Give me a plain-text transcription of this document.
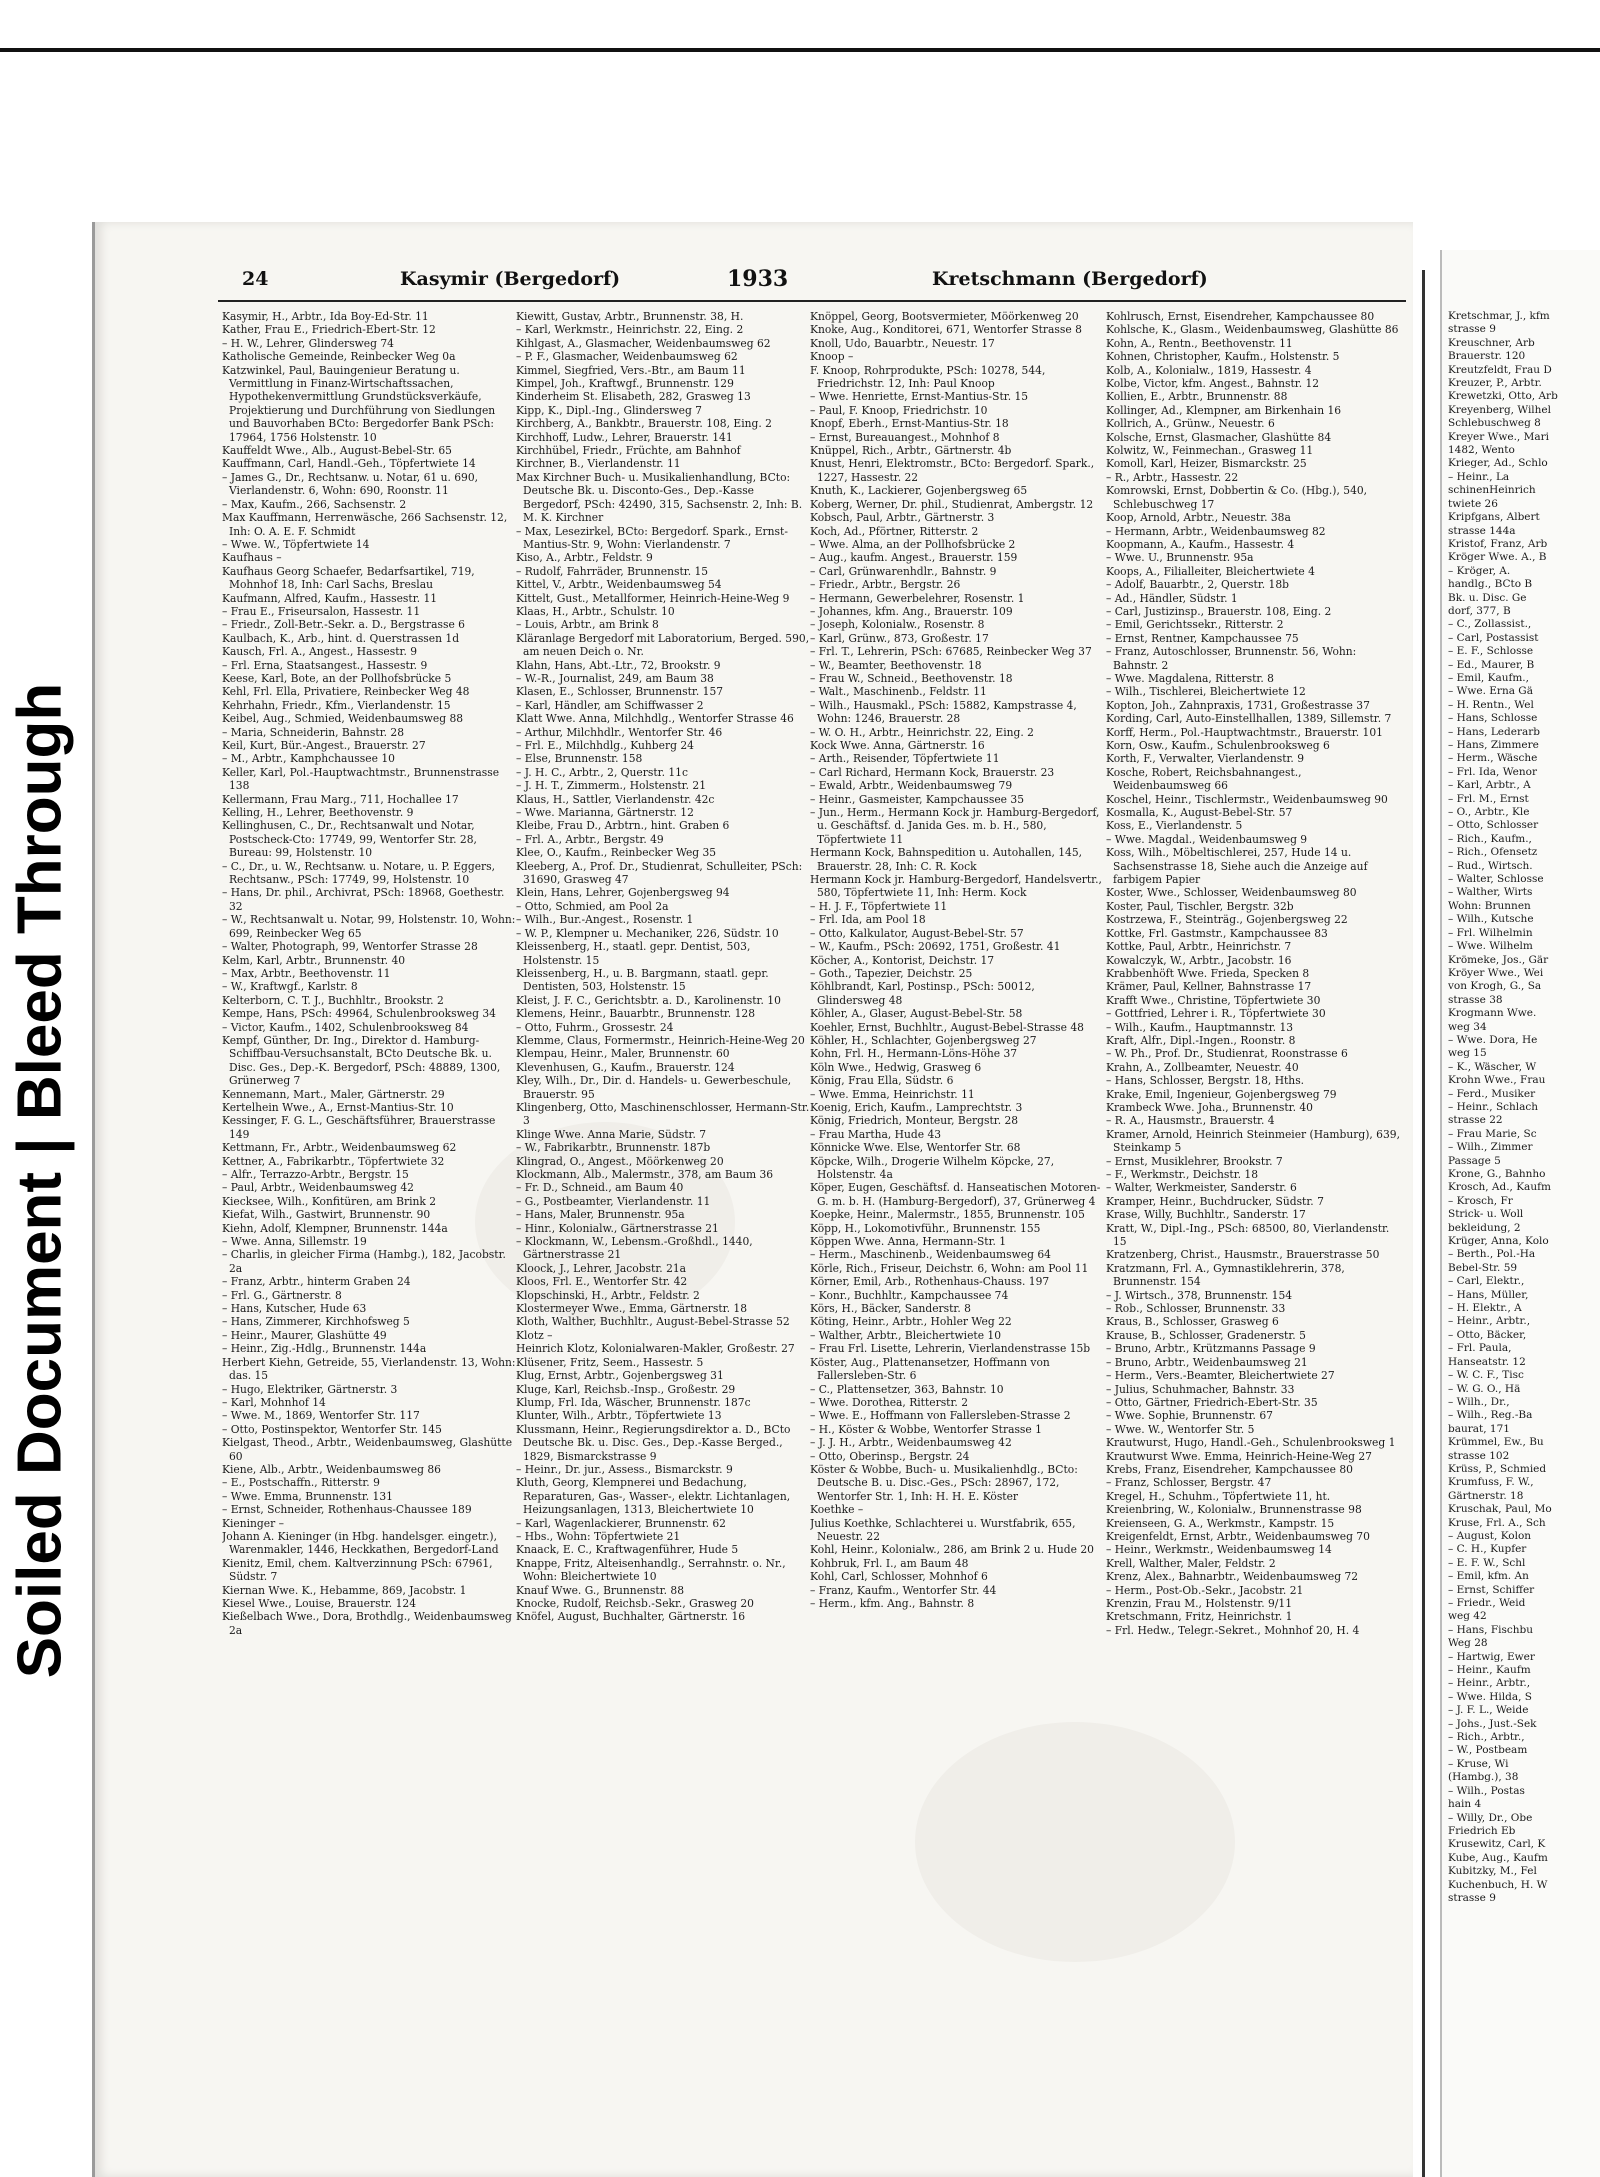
Soiled Document | Bleed Through
Kretschmar, J., kfm
strasse 9
Kreuschner, Arb
Brauerstr. 120
Kreutzfeldt, Frau D
Kreuzer, P., Arbtr.
Krewetzki, Otto, Arb
Kreyenberg, Wilhel
Schlebuschweg 8
Kreyer Wwe., Mari
1482, Wento
Krieger, Ad., Schlo
– Heinr., La
schinenHeinrich
twiete 26
Kripfgans, Albert
strasse 144a
Kristof, Franz, Arb
Kröger Wwe. A., B
– Kröger, A.
handlg., BCto B
Bk. u. Disc. Ge
dorf, 377, B
– C., Zollassist.,
– Carl, Postassist
– E. F., Schlosse
– Ed., Maurer, B
– Emil, Kaufm.,
– Wwe. Erna Gä
– H. Rentn., Wel
– Hans, Schlosse
– Hans, Lederarb
– Hans, Zimmere
– Herm., Wäsche
– Frl. Ida, Wenor
– Karl, Arbtr., A
– Frl. M., Ernst
– O., Arbtr., Kle
– Otto, Schlosser
– Rich., Kaufm.,
– Rich., Ofensetz
– Rud., Wirtsch.
– Walter, Schlosse
– Walther, Wirts
Wohn: Brunnen
– Wilh., Kutsche
– Frl. Wilhelmin
– Wwe. Wilhelm
Krömeke, Jos., Gär
Kröyer Wwe., Wei
von Krogh, G., Sa
strasse 38
Krogmann Wwe.
weg 34
– Wwe. Dora, He
weg 15
– K., Wäscher, W
Krohn Wwe., Frau
– Ferd., Musiker
– Heinr., Schlach
strasse 22
– Frau Marie, Sc
– Wilh., Zimmer
Passage 5
Krone, G., Bahnho
Krosch, Ad., Kaufm
– Krosch, Fr
Strick- u. Woll
bekleidung, 2
Krüger, Anna, Kolo
– Berth., Pol.-Ha
Bebel-Str. 59
– Carl, Elektr.,
– Hans, Müller,
– H. Elektr., A
– Heinr., Arbtr.,
– Otto, Bäcker,
– Frl. Paula,
Hanseatstr. 12
– W. C. F., Tisc
– W. G. O., Hä
– Wilh., Dr.,
– Wilh., Reg.-Ba
baurat, 171
Krümmel, Ew., Bu
strasse 102
Krüss, P., Schmied
Krumfuss, F. W.,
Gärtnerstr. 18
Kruschak, Paul, Mo
Kruse, Frl. A., Sch
– August, Kolon
– C. H., Kupfer
– E. F. W., Schl
– Emil, kfm. An
– Ernst, Schiffer
– Friedr., Weid
weg 42
– Hans, Fischbu
Weg 28
– Hartwig, Ewer
– Heinr., Kaufm
– Heinr., Arbtr.,
– Wwe. Hilda, S
– J. F. L., Weide
– Johs., Just.-Sek
– Rich., Arbtr.,
– W., Postbeam
– Kruse, Wi
(Hambg.), 38
– Wilh., Postas
hain 4
– Willy, Dr., Obe
Friedrich Eb
Krusewitz, Carl, K
Kube, Aug., Kaufm
Kubitzky, M., Fel
Kuchenbuch, H. W
strasse 9
24	Kasymir (Bergedorf)	1933	Kretschmann (Bergedorf)

Kasymir, H., Arbtr., Ida Boy-Ed-Str. 11

Kather, Frau E., Friedrich-Ebert-Str. 12

– H. W., Lehrer, Glindersweg 74

Katholische Gemeinde, Reinbecker Weg 0a

Katzwinkel, Paul, Bauingenieur Beratung u. Vermittlung in Finanz-Wirtschaftssachen, Hypothekenvermittlung Grundstücksverkäufe, Projektierung und Durchführung von Siedlungen und Bauvorhaben BCto: Bergedorfer Bank PSch: 17964, 1756 Holstenstr. 10

Kauffeldt Wwe., Alb., August-Bebel-Str. 65

Kauffmann, Carl, Handl.-Geh., Töpfertwiete 14

– James G., Dr., Rechtsanw. u. Notar, 61 u. 690, Vierlandenstr. 6, Wohn: 690, Roonstr. 11

– Max, Kaufm., 266, Sachsenstr. 2

Max Kauffmann, Herrenwäsche, 266 Sachsenstr. 12, Inh: O. A. E. F. Schmidt

– Wwe. W., Töpfertwiete 14

Kaufhaus –

Kaufhaus Georg Schaefer, Bedarfsartikel, 719, Mohnhof 18, Inh: Carl Sachs, Breslau

Kaufmann, Alfred, Kaufm., Hassestr. 11

– Frau E., Friseursalon, Hassestr. 11

– Friedr., Zoll-Betr.-Sekr. a. D., Bergstrasse 6

Kaulbach, K., Arb., hint. d. Querstrassen 1d

Kausch, Frl. A., Angest., Hassestr. 9

– Frl. Erna, Staatsangest., Hassestr. 9

Keese, Karl, Bote, an der Pollhofsbrücke 5

Kehl, Frl. Ella, Privatiere, Reinbecker Weg 48

Kehrhahn, Friedr., Kfm., Vierlandenstr. 15

Keibel, Aug., Schmied, Weidenbaumsweg 88

– Maria, Schneiderin, Bahnstr. 28

Keil, Kurt, Bür.-Angest., Brauerstr. 27

– M., Arbtr., Kamphchaussee 10

Keller, Karl, Pol.-Hauptwachtmstr., Brunnenstrasse 138

Kellermann, Frau Marg., 711, Hochallee 17

Kelling, H., Lehrer, Beethovenstr. 9

Kellinghusen, C., Dr., Rechtsanwalt und Notar, Postscheck-Cto: 17749, 99, Wentorfer Str. 28, Bureau: 99, Holstenstr. 10

– C., Dr., u. W., Rechtsanw. u. Notare, u. P. Eggers, Rechtsanw., PSch: 17749, 99, Holstenstr. 10

– Hans, Dr. phil., Archivrat, PSch: 18968, Goethestr. 32

– W., Rechtsanwalt u. Notar, 99, Holstenstr. 10, Wohn: 699, Reinbecker Weg 65

– Walter, Photograph, 99, Wentorfer Strasse 28

Kelm, Karl, Arbtr., Brunnenstr. 40

– Max, Arbtr., Beethovenstr. 11

– W., Kraftwgf., Karlstr. 8

Kelterborn, C. T. J., Buchhltr., Brookstr. 2

Kempe, Hans, PSch: 49964, Schulenbrooksweg 34

– Victor, Kaufm., 1402, Schulenbrooksweg 84

Kempf, Günther, Dr. Ing., Direktor d. Hamburg-Schiffbau-Versuchsanstalt, BCto Deutsche Bk. u. Disc. Ges., Dep.-K. Bergedorf, PSch: 48889, 1300, Grünerweg 7

Kennemann, Mart., Maler, Gärtnerstr. 29

Kertelhein Wwe., A., Ernst-Mantius-Str. 10

Kessinger, F. G. L., Geschäftsführer, Brauerstrasse 149

Kettmann, Fr., Arbtr., Weidenbaumsweg 62

Kettner, A., Fabrikarbtr., Töpfertwiete 32

– Alfr., Terrazzo-Arbtr., Bergstr. 15

– Paul, Arbtr., Weidenbaumsweg 42

Kiecksee, Wilh., Konfitüren, am Brink 2

Kiefat, Wilh., Gastwirt, Brunnenstr. 90

Kiehn, Adolf, Klempner, Brunnenstr. 144a

– Wwe. Anna, Sillemstr. 19

– Charlis, in gleicher Firma (Hambg.), 182, Jacobstr. 2a

– Franz, Arbtr., hinterm Graben 24

– Frl. G., Gärtnerstr. 8

– Hans, Kutscher, Hude 63

– Hans, Zimmerer, Kirchhofsweg 5

– Heinr., Maurer, Glashütte 49

– Heinr., Zig.-Hdlg., Brunnenstr. 144a

Herbert Kiehn, Getreide, 55, Vierlandenstr. 13, Wohn: das. 15

– Hugo, Elektriker, Gärtnerstr. 3

– Karl, Mohnhof 14

– Wwe. M., 1869, Wentorfer Str. 117

– Otto, Postinspektor, Wentorfer Str. 145

Kielgast, Theod., Arbtr., Weidenbaumsweg, Glashütte 60

Kiene, Alb., Arbtr., Weidenbaumsweg 86

– E., Postschaffn., Ritterstr. 9

– Wwe. Emma, Brunnenstr. 131

– Ernst, Schneider, Rothenhaus-Chaussee 189

Kieninger –

Johann A. Kieninger (in Hbg. handelsger. eingetr.), Warenmakler, 1446, Heckkathen, Bergedorf-Land

Kienitz, Emil, chem. Kaltverzinnung PSch: 67961, Südstr. 7

Kiernan Wwe. K., Hebamme, 869, Jacobstr. 1

Kiesel Wwe., Louise, Brauerstr. 124

Kießelbach Wwe., Dora, Brothdlg., Weidenbaumsweg 2a

Kiewitt, Gustav, Arbtr., Brunnenstr. 38, H.

– Karl, Werkmstr., Heinrichstr. 22, Eing. 2

Kihlgast, A., Glasmacher, Weidenbaumsweg 62

– P. F., Glasmacher, Weidenbaumsweg 62

Kimmel, Siegfried, Vers.-Btr., am Baum 11

Kimpel, Joh., Kraftwgf., Brunnenstr. 129

Kinderheim St. Elisabeth, 282, Grasweg 13

Kipp, K., Dipl.-Ing., Glindersweg 7

Kirchberg, A., Bankbtr., Brauerstr. 108, Eing. 2

Kirchhoff, Ludw., Lehrer, Brauerstr. 141

Kirchhübel, Friedr., Früchte, am Bahnhof

Kirchner, B., Vierlandenstr. 11

Max Kirchner Buch- u. Musikalienhandlung, BCto: Deutsche Bk. u. Disconto-Ges., Dep.-Kasse Bergedorf, PSch: 42490, 315, Sachsenstr. 2, Inh: B. M. K. Kirchner

– Max, Lesezirkel, BCto: Bergedorf. Spark., Ernst-Mantius-Str. 9, Wohn: Vierlandenstr. 7

Kiso, A., Arbtr., Feldstr. 9

– Rudolf, Fahrräder, Brunnenstr. 15

Kittel, V., Arbtr., Weidenbaumsweg 54

Kittelt, Gust., Metallformer, Heinrich-Heine-Weg 9

Klaas, H., Arbtr., Schulstr. 10

– Louis, Arbtr., am Brink 8

Kläranlage Bergedorf mit Laboratorium, Berged. 590, am neuen Deich o. Nr.

Klahn, Hans, Abt.-Ltr., 72, Brookstr. 9

– W.-R., Journalist, 249, am Baum 38

Klasen, E., Schlosser, Brunnenstr. 157

– Karl, Händler, am Schiffwasser 2

Klatt Wwe. Anna, Milchhdlg., Wentorfer Strasse 46

– Arthur, Milchhdlr., Wentorfer Str. 46

– Frl. E., Milchhdlg., Kuhberg 24

– Else, Brunnenstr. 158

– J. H. C., Arbtr., 2, Querstr. 11c

– J. H. T., Zimmerm., Holstenstr. 21

Klaus, H., Sattler, Vierlandenstr. 42c

– Wwe. Marianna, Gärtnerstr. 12

Kleibe, Frau D., Arbtrn., hint. Graben 6

– Frl. A., Arbtr., Bergstr. 49

Klee, O., Kaufm., Reinbecker Weg 35

Kleeberg, A., Prof. Dr., Studienrat, Schulleiter, PSch: 31690, Grasweg 47

Klein, Hans, Lehrer, Gojenbergsweg 94

– Otto, Schmied, am Pool 2a

– Wilh., Bur.-Angest., Rosenstr. 1

– W. P., Klempner u. Mechaniker, 226, Südstr. 10

Kleissenberg, H., staatl. gepr. Dentist, 503, Holstenstr. 15

Kleissenberg, H., u. B. Bargmann, staatl. gepr. Dentisten, 503, Holstenstr. 15

Kleist, J. F. C., Gerichtsbtr. a. D., Karolinenstr. 10

Klemens, Heinr., Bauarbtr., Brunnenstr. 128

– Otto, Fuhrm., Grossestr. 24

Klemme, Claus, Formermstr., Heinrich-Heine-Weg 20

Klempau, Heinr., Maler, Brunnenstr. 60

Klevenhusen, G., Kaufm., Brauerstr. 124

Kley, Wilh., Dr., Dir. d. Handels- u. Gewerbeschule, Brauerstr. 95

Klingenberg, Otto, Maschinenschlosser, Hermann-Str. 3

Klinge Wwe. Anna Marie, Südstr. 7

– W., Fabrikarbtr., Brunnenstr. 187b

Klingrad, O., Angest., Möörkenweg 20

Klockmann, Alb., Malermstr., 378, am Baum 36

– Fr. D., Schneid., am Baum 40

– G., Postbeamter, Vierlandenstr. 11

– Hans, Maler, Brunnenstr. 95a

– Hinr., Kolonialw., Gärtnerstrasse 21

– Klockmann, W., Lebensm.-Großhdl., 1440, Gärtnerstrasse 21

Kloock, J., Lehrer, Jacobstr. 21a

Kloos, Frl. E., Wentorfer Str. 42

Klopschinski, H., Arbtr., Feldstr. 2

Klostermeyer Wwe., Emma, Gärtnerstr. 18

Kloth, Walther, Buchhltr., August-Bebel-Strasse 52

Klotz –

Heinrich Klotz, Kolonialwaren-Makler, Großestr. 27

Klüsener, Fritz, Seem., Hassestr. 5

Klug, Ernst, Arbtr., Gojenbergsweg 31

Kluge, Karl, Reichsb.-Insp., Großestr. 29

Klump, Frl. Ida, Wäscher, Brunnenstr. 187c

Klunter, Wilh., Arbtr., Töpfertwiete 13

Klussmann, Heinr., Regierungsdirektor a. D., BCto Deutsche Bk. u. Disc. Ges., Dep.-Kasse Berged., 1829, Bismarckstrasse 9

– Heinr., Dr. jur., Assess., Bismarckstr. 9

Kluth, Georg, Klempnerei und Bedachung, Reparaturen, Gas-, Wasser-, elektr. Lichtanlagen, Heizungsanlagen, 1313, Bleichertwiete 10

– Karl, Wagenlackierer, Brunnenstr. 62

– Hbs., Wohn: Töpfertwiete 21

Knaack, E. C., Kraftwagenführer, Hude 5

Knappe, Fritz, Alteisenhandlg., Serrahnstr. o. Nr., Wohn: Bleichertwiete 10

Knauf Wwe. G., Brunnenstr. 88

Knocke, Rudolf, Reichsb.-Sekr., Grasweg 20

Knöfel, August, Buchhalter, Gärtnerstr. 16

Knöppel, Georg, Bootsvermieter, Möörkenweg 20

Knoke, Aug., Konditorei, 671, Wentorfer Strasse 8

Knoll, Udo, Bauarbtr., Neuestr. 17

Knoop –

F. Knoop, Rohrprodukte, PSch: 10278, 544, Friedrichstr. 12, Inh: Paul Knoop

– Wwe. Henriette, Ernst-Mantius-Str. 15

– Paul, F. Knoop, Friedrichstr. 10

Knopf, Eberh., Ernst-Mantius-Str. 18

– Ernst, Bureauangest., Mohnhof 8

Knüppel, Rich., Arbtr., Gärtnerstr. 4b

Knust, Henri, Elektromstr., BCto: Bergedorf. Spark., 1227, Hassestr. 22

Knuth, K., Lackierer, Gojenbergsweg 65

Koberg, Werner, Dr. phil., Studienrat, Ambergstr. 12

Kobsch, Paul, Arbtr., Gärtnerstr. 3

Koch, Ad., Pförtner, Ritterstr. 2

– Wwe. Alma, an der Pollhofsbrücke 2

– Aug., kaufm. Angest., Brauerstr. 159

– Carl, Grünwarenhdlr., Bahnstr. 9

– Friedr., Arbtr., Bergstr. 26

– Hermann, Gewerbelehrer, Rosenstr. 1

– Johannes, kfm. Ang., Brauerstr. 109

– Joseph, Kolonialw., Rosenstr. 8

– Karl, Grünw., 873, Großestr. 17

– Frl. T., Lehrerin, PSch: 67685, Reinbecker Weg 37

– W., Beamter, Beethovenstr. 18

– Frau W., Schneid., Beethovenstr. 18

– Walt., Maschinenb., Feldstr. 11

– Wilh., Hausmakl., PSch: 15882, Kampstrasse 4, Wohn: 1246, Brauerstr. 28

– W. O. H., Arbtr., Heinrichstr. 22, Eing. 2

Kock Wwe. Anna, Gärtnerstr. 16

– Arth., Reisender, Töpfertwiete 11

– Carl Richard, Hermann Kock, Brauerstr. 23

– Ewald, Arbtr., Weidenbaumsweg 79

– Heinr., Gasmeister, Kampchaussee 35

– Jun., Herm., Hermann Kock jr. Hamburg-Bergedorf, u. Geschäftsf. d. Janida Ges. m. b. H., 580, Töpfertwiete 11

Hermann Kock, Bahnspedition u. Autohallen, 145, Brauerstr. 28, Inh: C. R. Kock

Hermann Kock jr. Hamburg-Bergedorf, Handelsvertr., 580, Töpfertwiete 11, Inh: Herm. Kock

– H. J. F., Töpfertwiete 11

– Frl. Ida, am Pool 18

– Otto, Kalkulator, August-Bebel-Str. 57

– W., Kaufm., PSch: 20692, 1751, Großestr. 41

Köcher, A., Kontorist, Deichstr. 17

– Goth., Tapezier, Deichstr. 25

Köhlbrandt, Karl, Postinsp., PSch: 50012, Glindersweg 48

Köhler, A., Glaser, August-Bebel-Str. 58

Koehler, Ernst, Buchhltr., August-Bebel-Strasse 48

Köhler, H., Schlachter, Gojenbergsweg 27

Kohn, Frl. H., Hermann-Löns-Höhe 37

Köln Wwe., Hedwig, Grasweg 6

König, Frau Ella, Südstr. 6

– Wwe. Emma, Heinrichstr. 11

Koenig, Erich, Kaufm., Lamprechtstr. 3

König, Friedrich, Monteur, Bergstr. 28

– Frau Martha, Hude 43

Könnicke Wwe. Else, Wentorfer Str. 68

Köpcke, Wilh., Drogerie Wilhelm Köpcke, 27, Holstenstr. 4a

Köper, Eugen, Geschäftsf. d. Hanseatischen Motoren-G. m. b. H. (Hamburg-Bergedorf), 37, Grünerweg 4

Koepke, Heinr., Malermstr., 1855, Brunnenstr. 105

Köpp, H., Lokomotivführ., Brunnenstr. 155

Köppen Wwe. Anna, Hermann-Str. 1

– Herm., Maschinenb., Weidenbaumsweg 64

Körle, Rich., Friseur, Deichstr. 6, Wohn: am Pool 11

Körner, Emil, Arb., Rothenhaus-Chauss. 197

– Konr., Buchhltr., Kampchaussee 74

Körs, H., Bäcker, Sanderstr. 8

Köting, Heinr., Arbtr., Hohler Weg 22

– Walther, Arbtr., Bleichertwiete 10

– Frau Frl. Lisette, Lehrerin, Vierlandenstrasse 15b

Köster, Aug., Plattenansetzer, Hoffmann von Fallersleben-Str. 6

– C., Plattensetzer, 363, Bahnstr. 10

– Wwe. Dorothea, Ritterstr. 2

– Wwe. E., Hoffmann von Fallersleben-Strasse 2

– H., Köster & Wobbe, Wentorfer Strasse 1

– J. J. H., Arbtr., Weidenbaumsweg 42

– Otto, Oberinsp., Bergstr. 24

Köster & Wobbe, Buch- u. Musikalienhdlg., BCto: Deutsche B. u. Disc.-Ges., PSch: 28967, 172, Wentorfer Str. 1, Inh: H. H. E. Köster

Koethke –

Julius Koethke, Schlachterei u. Wurstfabrik, 655, Neuestr. 22

Kohl, Heinr., Kolonialw., 286, am Brink 2 u. Hude 20

Kohbruk, Frl. I., am Baum 48

Kohl, Carl, Schlosser, Mohnhof 6

– Franz, Kaufm., Wentorfer Str. 44

– Herm., kfm. Ang., Bahnstr. 8

Kohlrusch, Ernst, Eisendreher, Kampchaussee 80

Kohlsche, K., Glasm., Weidenbaumsweg, Glashütte 86

Kohn, A., Rentn., Beethovenstr. 11

Kohnen, Christopher, Kaufm., Holstenstr. 5

Kolb, A., Kolonialw., 1819, Hassestr. 4

Kolbe, Victor, kfm. Angest., Bahnstr. 12

Kollien, E., Arbtr., Brunnenstr. 88

Kollinger, Ad., Klempner, am Birkenhain 16

Kollrich, A., Grünw., Neuestr. 6

Kolsche, Ernst, Glasmacher, Glashütte 84

Kolwitz, W., Feinmechan., Grasweg 11

Komoll, Karl, Heizer, Bismarckstr. 25

– R., Arbtr., Hassestr. 22

Komrowski, Ernst, Dobbertin & Co. (Hbg.), 540, Schlebuschweg 17

Koop, Arnold, Arbtr., Neuestr. 38a

– Hermann, Arbtr., Weidenbaumsweg 82

Koopmann, A., Kaufm., Hassestr. 4

– Wwe. U., Brunnenstr. 95a

Koops, A., Filialleiter, Bleichertwiete 4

– Adolf, Bauarbtr., 2, Querstr. 18b

– Ad., Händler, Südstr. 1

– Carl, Justizinsp., Brauerstr. 108, Eing. 2

– Emil, Gerichtssekr., Ritterstr. 2

– Ernst, Rentner, Kampchaussee 75

– Franz, Autoschlosser, Brunnenstr. 56, Wohn: Bahnstr. 2

– Wwe. Magdalena, Ritterstr. 8

– Wilh., Tischlerei, Bleichertwiete 12

Kopton, Joh., Zahnpraxis, 1731, Großestrasse 37

Kording, Carl, Auto-Einstellhallen, 1389, Sillemstr. 7

Korff, Herm., Pol.-Hauptwachtmstr., Brauerstr. 101

Korn, Osw., Kaufm., Schulenbrooksweg 6

Korth, F., Verwalter, Vierlandenstr. 9

Kosche, Robert, Reichsbahnangest., Weidenbaumsweg 66

Koschel, Heinr., Tischlermstr., Weidenbaumsweg 90

Kosmalla, K., August-Bebel-Str. 57

Koss, E., Vierlandenstr. 5

– Wwe. Magdal., Weidenbaumsweg 9

Koss, Wilh., Möbeltischlerei, 257, Hude 14 u. Sachsenstrasse 18, Siehe auch die Anzeige auf farbigem Papier

Koster, Wwe., Schlosser, Weidenbaumsweg 80

Koster, Paul, Tischler, Bergstr. 32b

Kostrzewa, F., Steinträg., Gojenbergsweg 22

Kottke, Frl. Gastmstr., Kampchaussee 83

Kottke, Paul, Arbtr., Heinrichstr. 7

Kowalczyk, W., Arbtr., Jacobstr. 16

Krabbenhöft Wwe. Frieda, Specken 8

Krämer, Paul, Kellner, Bahnstrasse 17

Krafft Wwe., Christine, Töpfertwiete 30

– Gottfried, Lehrer i. R., Töpfertwiete 30

– Wilh., Kaufm., Hauptmannstr. 13

Kraft, Alfr., Dipl.-Ingen., Roonstr. 8

– W. Ph., Prof. Dr., Studienrat, Roonstrasse 6

Krahn, A., Zollbeamter, Neuestr. 40

– Hans, Schlosser, Bergstr. 18, Hths.

Krake, Emil, Ingenieur, Gojenbergsweg 79

Krambeck Wwe. Joha., Brunnenstr. 40

– R. A., Hausmstr., Brauerstr. 4

Kramer, Arnold, Heinrich Steinmeier (Hamburg), 639, Steinkamp 5

– Ernst, Musiklehrer, Brookstr. 7

– F., Werkmstr., Deichstr. 18

– Walter, Werkmeister, Sanderstr. 6

Kramper, Heinr., Buchdrucker, Südstr. 7

Krase, Willy, Buchhltr., Sanderstr. 17

Kratt, W., Dipl.-Ing., PSch: 68500, 80, Vierlandenstr. 15

Kratzenberg, Christ., Hausmstr., Brauerstrasse 50

Kratzmann, Frl. A., Gymnastiklehrerin, 378, Brunnenstr. 154

– J. Wirtsch., 378, Brunnenstr. 154

– Rob., Schlosser, Brunnenstr. 33

Kraus, B., Schlosser, Grasweg 6

Krause, B., Schlosser, Gradenerstr. 5

– Bruno, Arbtr., Krützmanns Passage 9

– Bruno, Arbtr., Weidenbaumsweg 21

– Herm., Vers.-Beamter, Bleichertwiete 27

– Julius, Schuhmacher, Bahnstr. 33

– Otto, Gärtner, Friedrich-Ebert-Str. 35

– Wwe. Sophie, Brunnenstr. 67

– Wwe. W., Wentorfer Str. 5

Krautwurst, Hugo, Handl.-Geh., Schulenbrooksweg 1

Krautwurst Wwe. Emma, Heinrich-Heine-Weg 27

Krebs, Franz, Eisendreher, Kampchaussee 80

– Franz, Schlosser, Bergstr. 47

Kregel, H., Schuhm., Töpfertwiete 11, ht.

Kreienbring, W., Kolonialw., Brunnenstrasse 98

Kreienseen, G. A., Werkmstr., Kampstr. 15

Kreigenfeldt, Ernst, Arbtr., Weidenbaumsweg 70

– Heinr., Werkmstr., Weidenbaumsweg 14

Krell, Walther, Maler, Feldstr. 2

Krenz, Alex., Bahnarbtr., Weidenbaumsweg 72

– Herm., Post-Ob.-Sekr., Jacobstr. 21

Krenzin, Frau M., Holstenstr. 9/11

Kretschmann, Fritz, Heinrichstr. 1

– Frl. Hedw., Telegr.-Sekret., Mohnhof 20, H. 4
